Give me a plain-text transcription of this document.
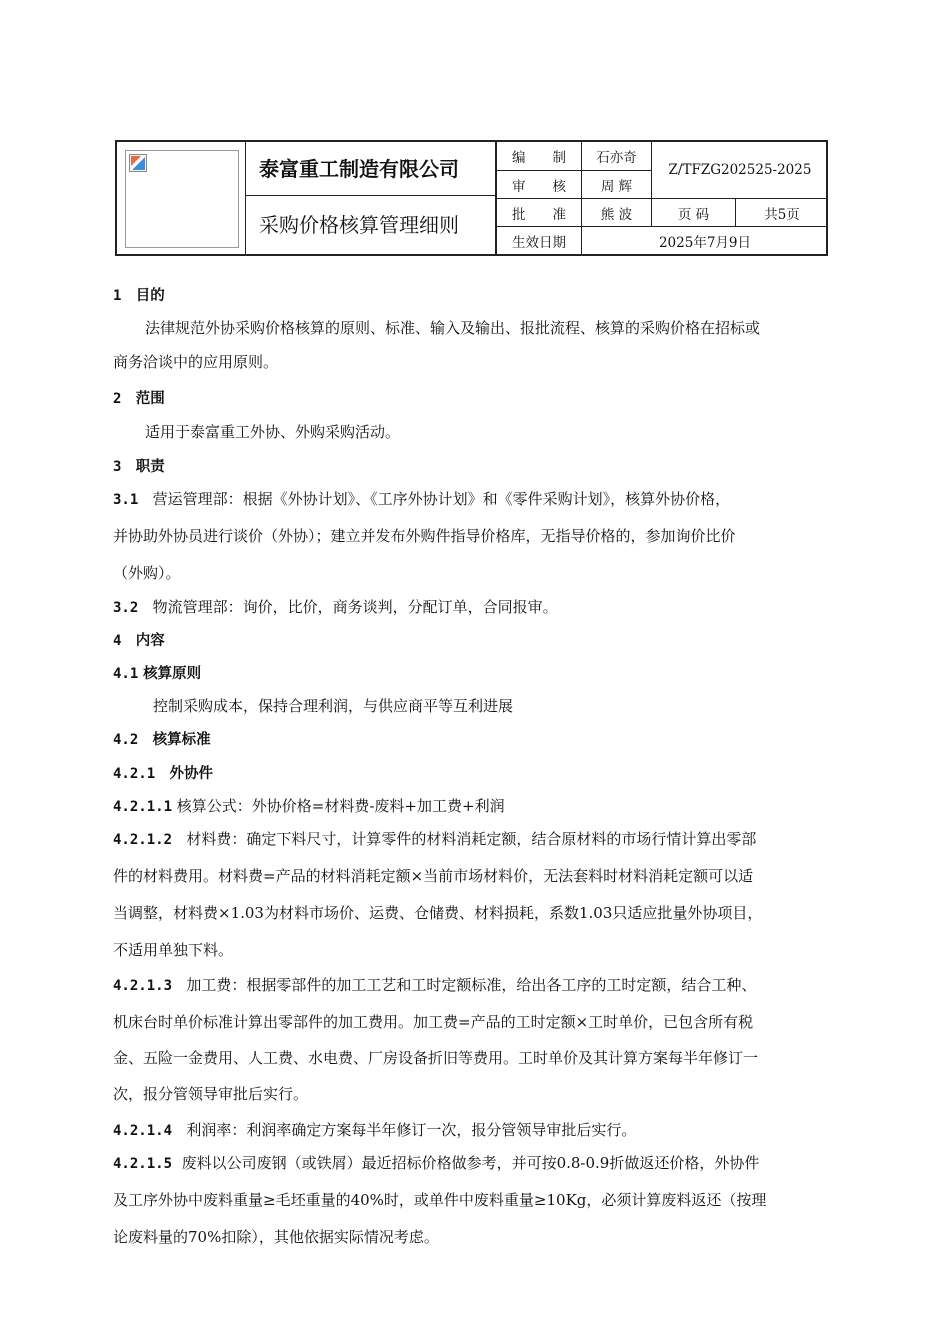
泰富重工制造有限公司
采购价格核算管理细则
编　　制	石亦奇
Z/TFZG202525-2025
审　　核	周 辉
批　　准	熊 波	页 码	共5页
生效日期	2025年7月9日
1 目的
法律规范外协采购价格核算的原则、标准、输入及输出、报批流程、核算的采购价格在招标或
商务洽谈中的应用原则。
2 范围
适用于泰富重工外协、外购采购活动。
3 职责
3.1 营运管理部：根据《外协计划》、《工序外协计划》和《零件采购计划》，核算外协价格，
并协助外协员进行谈价（外协）；建立并发布外购件指导价格库，无指导价格的，参加询价比价
（外购）。
3.2 物流管理部：询价，比价，商务谈判，分配订单，合同报审。
4 内容
4.1 核算原则
控制采购成本，保持合理利润，与供应商平等互利进展
4.2 核算标准
4.2.1 外协件
4.2.1.1 核算公式：外协价格=材料费-废料+加工费+利润
4.2.1.2 材料费：确定下料尺寸，计算零件的材料消耗定额，结合原材料的市场行情计算出零部
件的材料费用。材料费=产品的材料消耗定额×当前市场材料价，无法套料时材料消耗定额可以适
当调整，材料费×1.03为材料市场价、运费、仓储费、材料损耗，系数1.03只适应批量外协项目，
不适用单独下料。
4.2.1.3 加工费：根据零部件的加工工艺和工时定额标准，给出各工序的工时定额，结合工种、
机床台时单价标准计算出零部件的加工费用。加工费=产品的工时定额×工时单价，已包含所有税
金、五险一金费用、人工费、水电费、厂房设备折旧等费用。工时单价及其计算方案每半年修订一
次，报分管领导审批后实行。
4.2.1.4 利润率：利润率确定方案每半年修订一次，报分管领导审批后实行。
4.2.1.5 废料以公司废钢（或铁屑）最近招标价格做参考，并可按0.8-0.9折做返还价格，外协件
及工序外协中废料重量≥毛坯重量的40%时，或单件中废料重量≥10Kg，必须计算废料返还（按理
论废料量的70%扣除），其他依据实际情况考虑。
